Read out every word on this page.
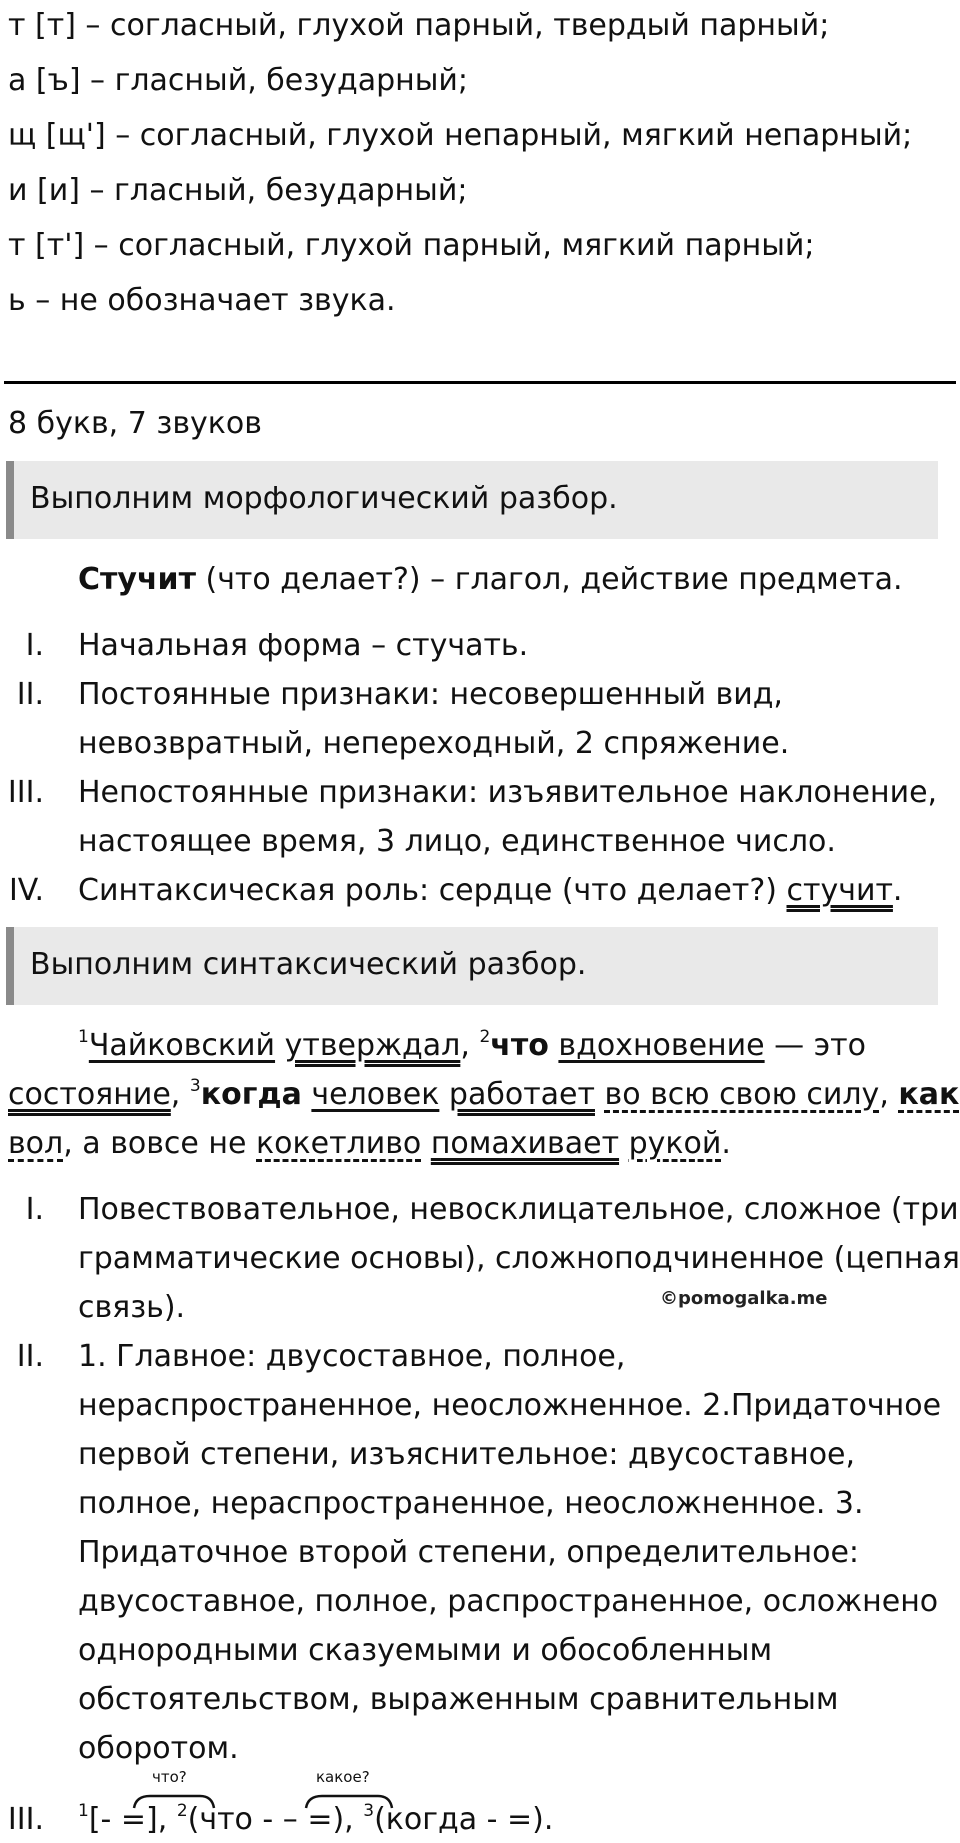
т [т] – согласный, глухой парный, твердый парный;
а [ъ] – гласный, безударный;
щ [щ'] – согласный, глухой непарный, мягкий непарный;
и [и] – гласный, безударный;
т [т'] – согласный, глухой парный, мягкий парный;
ь – не обозначает звука.
8 букв, 7 звуков
Выполним морфологический разбор.
Стучит (что делает?) – глагол, действие предмета.
I. Начальная форма – стучать.
II. Постоянные признаки: несовершенный вид,
невозвратный, непереходный, 2 спряжение.
III. Непостоянные признаки: изъявительное наклонение,
настоящее время, 3 лицо, единственное число.
IV. Синтаксическая роль: сердце (что делает?) стучит.
Выполним синтаксический разбор.
$^1$Чайковский утверждал, $^2$что вдохновение — это
состояние, $^3$когда человек работает во всю свою силу, как
вол, а вовсе не кокетливо помахивает рукой.
I. Повествовательное, невосклицательное, сложное (три
грамматические основы), сложноподчиненное (цепная
связь).	©pomogalka.me
II. 1. Главное: двусоставное, полное,
нераспространенное, неосложненное. 2.Придаточное
первой степени, изъяснительное: двусоставное,
полное, нераспространенное, неосложненное. 3.
Придаточное второй степени, определительное:
двусоставное, полное, распространенное, осложнено
однородными сказуемыми и обособленным
обстоятельством, выраженным сравнительным
оборотом.
что?	какое?
III. $^1$[- =], $^2$(что - – =), $^3$(когда - =).
